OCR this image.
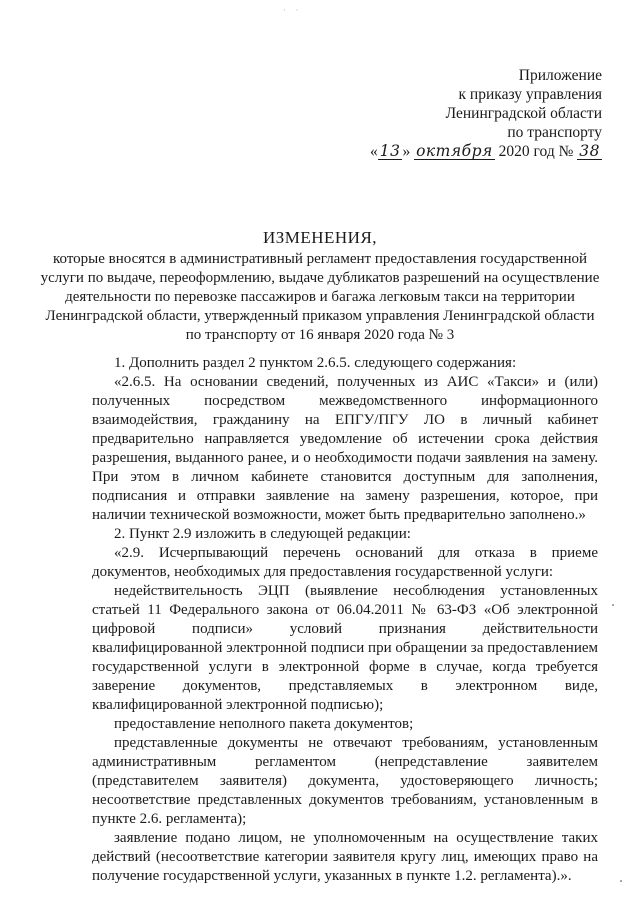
· ·
Приложение
к приказу управления
Ленинградской области
по транспорту
« 13 » октября 2020 год № 38
ИЗМЕНЕНИЯ,
которые вносятся в административный регламент предоставления государственной услуги по выдаче, переоформлению, выдаче дубликатов разрешений на осуществление деятельности по перевозке пассажиров и багажа легковым такси на территории Ленинградской области, утвержденный приказом управления Ленинградской области по транспорту от 16 января 2020 года № 3

1. Дополнить раздел 2 пунктом 2.6.5. следующего содержания:

«2.6.5. На основании сведений, полученных из АИС «Такси» и (или) полученных посредством межведомственного информационного взаимодействия, гражданину на ЕПГУ/ПГУ ЛО в личный кабинет предварительно направляется уведомление об истечении срока действия разрешения, выданного ранее, и о необходимости подачи заявления на замену. При этом в личном кабинете становится доступным для заполнения, подписания и отправки заявление на замену разрешения, которое, при наличии технической возможности, может быть предварительно заполнено.»

2. Пункт 2.9 изложить в следующей редакции:

«2.9. Исчерпывающий перечень оснований для отказа в приеме документов, необходимых для предоставления государственной услуги:

недействительность ЭЦП (выявление несоблюдения установленных статьей 11 Федерального закона от 06.04.2011 № 63-ФЗ «Об электронной цифровой подписи» условий признания действительности квалифицированной электронной подписи при обращении за предоставлением государственной услуги в электронной форме в случае, когда требуется заверение документов, представляемых в электронном виде, квалифицированной электронной подписью);

предоставление неполного пакета документов;

представленные документы не отвечают требованиям, установленным административным регламентом (непредставление заявителем (представителем заявителя) документа, удостоверяющего личность; несоответствие представленных документов требованиям, установленным в пункте 2.6. регламента);

заявление подано лицом, не уполномоченным на осуществление таких действий (несоответствие категории заявителя кругу лиц, имеющих право на получение государственной услуги, указанных в пункте 1.2. регламента).».
